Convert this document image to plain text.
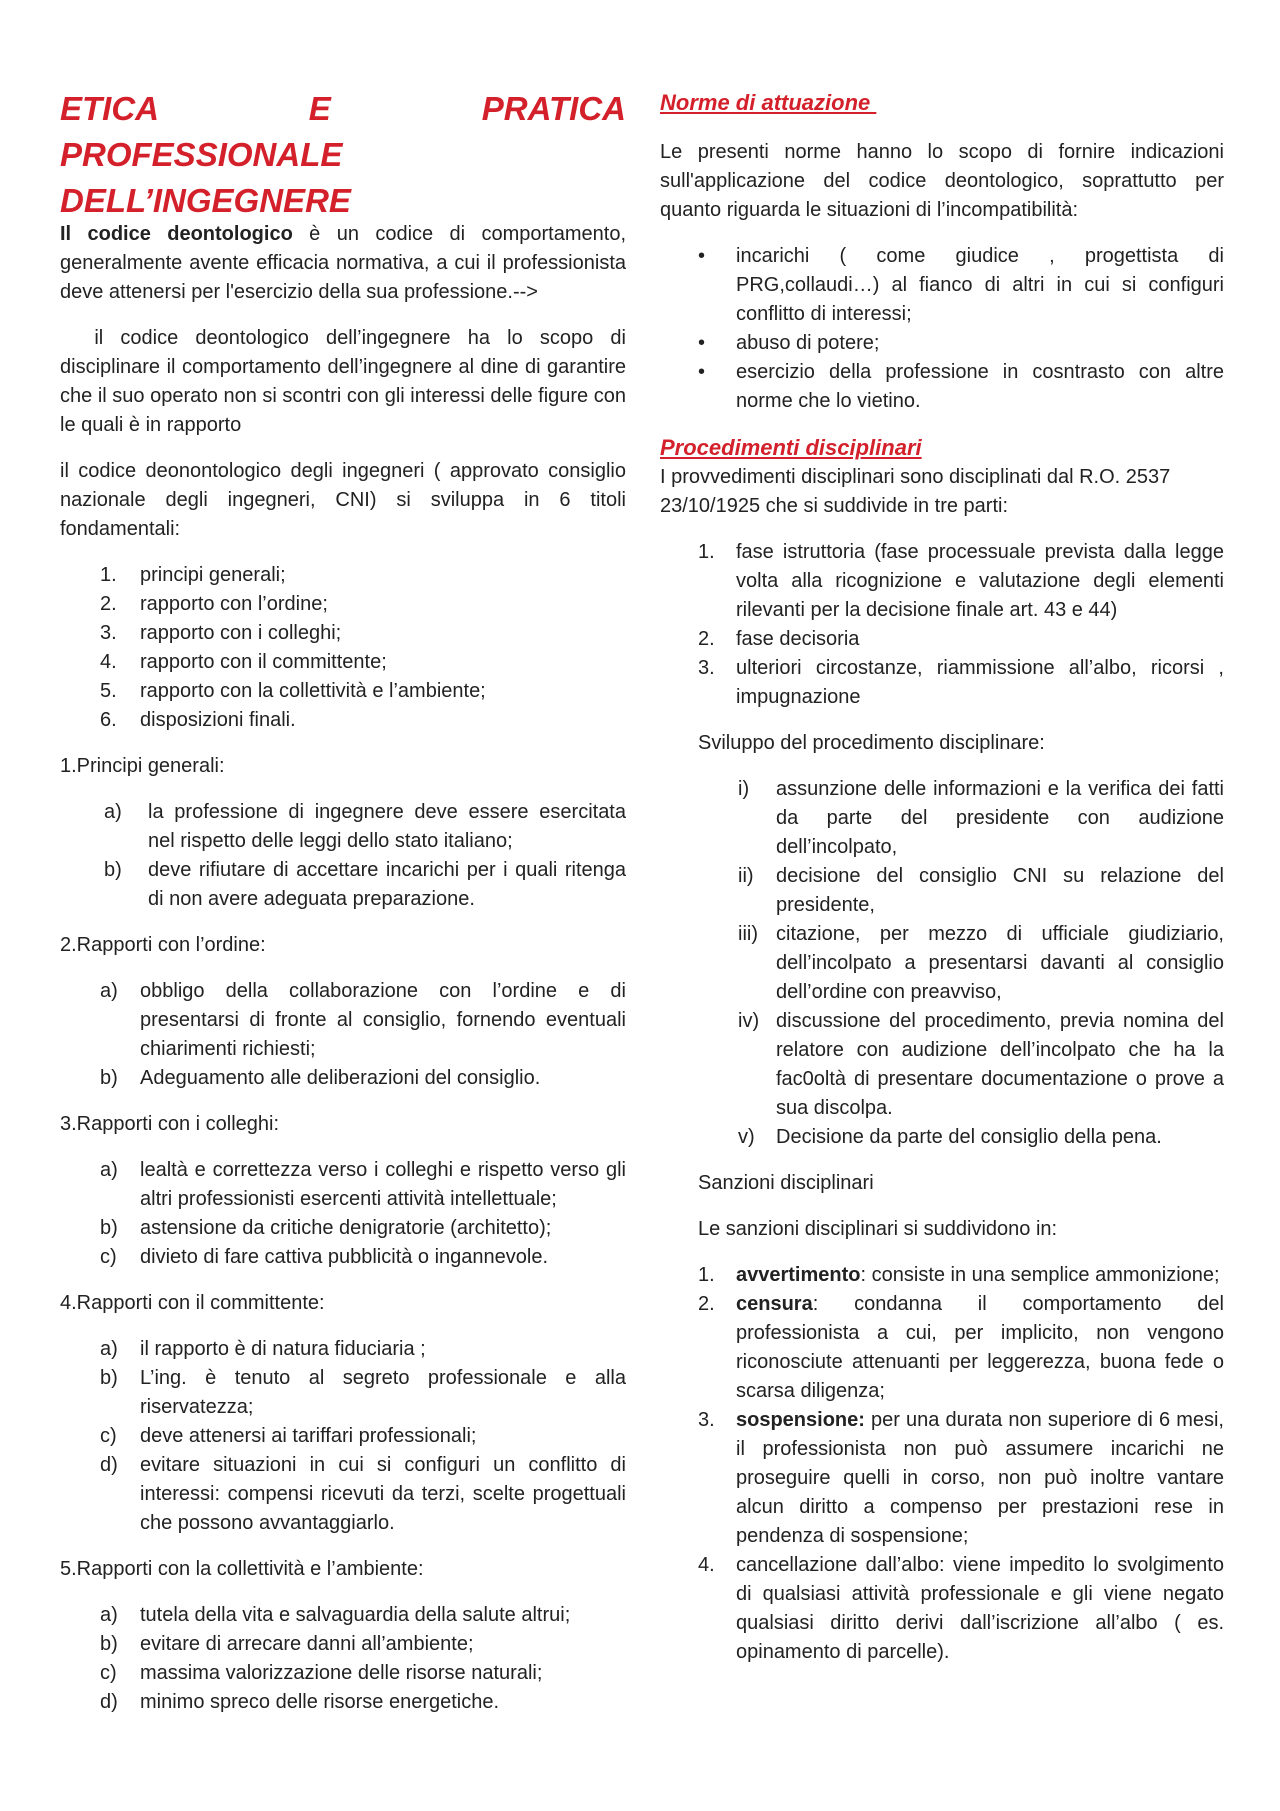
ETICA E PRATICA PROFESSIONALE
DELL’INGEGNERE

Il codice deontologico è un codice di comportamento, generalmente avente efficacia normativa, a cui il professionista deve attenersi per l'esercizio della sua professione.-->

il codice deontologico dell’ingegnere ha lo scopo di disciplinare il comportamento dell’ingegnere al dine di garantire che il suo operato non si scontri con gli interessi delle figure con le quali è in rapporto

il codice deonontologico degli ingegneri ( approvato consiglio nazionale degli ingegneri, CNI) si sviluppa in 6 titoli fondamentali:

1.	principi generali;
2.	rapporto con l’ordine;
3.	rapporto con i colleghi;
4.	rapporto con il committente;
5.	rapporto con la collettività e l’ambiente;
6.	disposizioni finali.

1.Principi generali:

a)	la professione di ingegnere deve essere esercitata nel rispetto delle leggi dello stato italiano;
b)	deve rifiutare di accettare incarichi per i quali ritenga di non avere adeguata preparazione.

2.Rapporti con l’ordine:

a)	obbligo della collaborazione con l’ordine e di presentarsi di fronte al consiglio, fornendo eventuali chiarimenti richiesti;
b)	Adeguamento alle deliberazioni del consiglio.

3.Rapporti con i colleghi:

a)	lealtà e correttezza verso i colleghi e rispetto verso gli altri professionisti esercenti attività intellettuale;
b)	astensione da critiche denigratorie (architetto);
c)	divieto di fare cattiva pubblicità o ingannevole.

4.Rapporti con il committente:

a)	il rapporto è di natura fiduciaria ;
b)	L’ing. è tenuto al segreto professionale e alla riservatezza;
c)	deve attenersi ai tariffari professionali;
d)	evitare situazioni in cui si configuri un conflitto di interessi: compensi ricevuti da terzi, scelte progettuali che possono avvantaggiarlo.

5.Rapporti con la collettività e l’ambiente:

a)	tutela della vita e salvaguardia della salute altrui;
b)	evitare di arrecare danni all’ambiente;
c)	massima valorizzazione delle risorse naturali;
d)	minimo spreco delle risorse energetiche.

Norme di attuazione

Le presenti norme hanno lo scopo di fornire indicazioni sull'applicazione del codice deontologico, soprattutto per quanto riguarda le situazioni di l’incompatibilità:

•	incarichi ( come giudice , progettista di PRG,collaudi…) al fianco di altri in cui si configuri conflitto di interessi;
•	abuso di potere;
•	esercizio della professione in cosntrasto con altre norme che lo vietino.

Procedimenti disciplinari

I provvedimenti disciplinari sono disciplinati dal R.O. 2537 23/10/1925 che si suddivide in tre parti:

1.	fase istruttoria (fase processuale prevista dalla legge volta alla ricognizione e valutazione degli elementi rilevanti per la decisione finale art. 43 e 44)
2.	fase decisoria
3.	ulteriori circostanze, riammissione all’albo, ricorsi , impugnazione

Sviluppo del procedimento disciplinare:

i)	assunzione delle informazioni e la verifica dei fatti da parte del presidente con audizione dell’incolpato,
ii)	decisione del consiglio CNI su relazione del presidente,
iii) citazione, per mezzo di ufficiale giudiziario, dell’incolpato a presentarsi davanti al consiglio dell’ordine con preavviso,
iv) discussione del procedimento, previa nomina del relatore con audizione dell’incolpato che ha la fac0oltà di presentare documentazione o prove a sua discolpa.
v)	Decisione da parte del consiglio della pena.

Sanzioni disciplinari

Le sanzioni disciplinari si suddividono in:

1.	avvertimento: consiste in una semplice ammonizione;
2.	censura: condanna il comportamento del professionista a cui, per implicito, non vengono riconosciute attenuanti per leggerezza, buona fede o scarsa diligenza;
3.	sospensione: per una durata non superiore di 6 mesi, il professionista non può assumere incarichi ne proseguire quelli in corso, non può inoltre vantare alcun diritto a compenso per prestazioni rese in pendenza di sospensione;
4.	cancellazione dall’albo: viene impedito lo svolgimento di qualsiasi attività professionale e gli viene negato qualsiasi diritto derivi dall’iscrizione all’albo ( es. opinamento di parcelle).
